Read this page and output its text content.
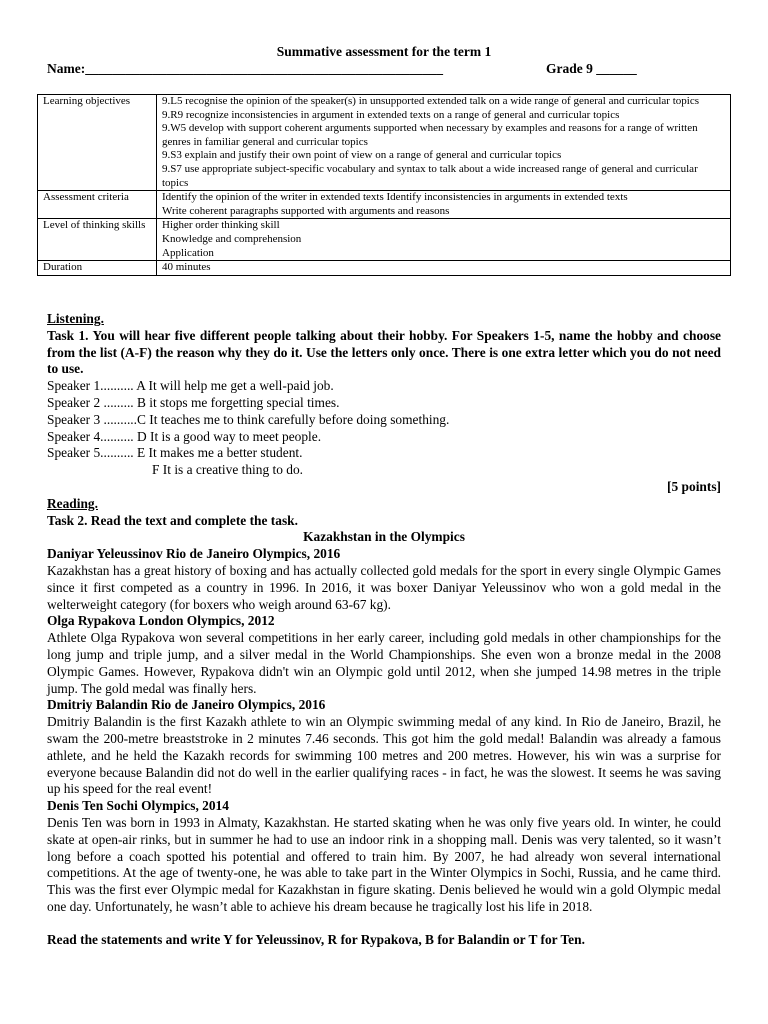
Summative assessment for the term 1
Name:_____________________________________________________	Grade 9 ______
Learning objectives	9.L5 recognise the opinion of the speaker(s) in unsupported extended talk on a wide range of general and curricular topics
9.R9 recognize inconsistencies in argument in extended texts on a range of general and curricular topics
9.W5 develop with support coherent arguments supported when necessary by examples and reasons for a range of written genres in familiar general and curricular topics
9.S3 explain and justify their own point of view on a range of general and curricular topics
9.S7 use appropriate subject-specific vocabulary and syntax to talk about a wide increased range of general and curricular topics

Assessment criteria	Identify the opinion of the writer in extended texts Identify inconsistencies in arguments in extended texts
Write coherent paragraphs supported with arguments and reasons

Level of thinking skills	Higher order thinking skill
Knowledge and comprehension
Application

Duration	40 minutes

Listening.

Task 1. You will hear five different people talking about their hobby. For Speakers 1-5, name the hobby and choose from the list (A-F) the reason why they do it. Use the letters only once. There is one extra letter which you do not need to use.

Speaker 1.......... A It will help me get a well-paid job.

Speaker 2 ......... B it stops me forgetting special times.

Speaker 3 ..........C It teaches me to think carefully before doing something.

Speaker 4.......... D It is a good way to meet people.

Speaker 5.......... E It makes me a better student.

F It is a creative thing to do.

[5 points]

Reading.

Task 2. Read the text and complete the task.

Kazakhstan in the Olympics

Daniyar Yeleussinov Rio de Janeiro Olympics, 2016

Kazakhstan has a great history of boxing and has actually collected gold medals for the sport in every single Olympic Games since it first competed as a country in 1996. In 2016, it was boxer Daniyar Yeleussinov who won a gold medal in the welterweight category (for boxers who weigh around 63-67 kg).

Olga Rypakova London Olympics, 2012

Athlete Olga Rypakova won several competitions in her early career, including gold medals in other championships for the long jump and triple jump, and a silver medal in the World Championships. She even won a bronze medal in the 2008 Olympic Games. However, Rypakova didn't win an Olympic gold until 2012, when she jumped 14.98 metres in the triple jump. The gold medal was finally hers.

Dmitriy Balandin Rio de Janeiro Olympics, 2016

Dmitriy Balandin is the first Kazakh athlete to win an Olympic swimming medal of any kind. In Rio de Janeiro, Brazil, he swam the 200-metre breaststroke in 2 minutes 7.46 seconds. This got him the gold medal! Balandin was already a famous athlete, and he held the Kazakh records for swimming 100 metres and 200 metres. However, his win was a surprise for everyone because Balandin did not do well in the earlier qualifying races - in fact, he was the slowest. It seems he was saving up his speed for the real event!

Denis Ten Sochi Olympics, 2014

Denis Ten was born in 1993 in Almaty, Kazakhstan. He started skating when he was only five years old. In winter, he could skate at open-air rinks, but in summer he had to use an indoor rink in a shopping mall. Denis was very talented, so it wasn’t long before a coach spotted his potential and offered to train him. By 2007, he had already won several international competitions. At the age of twenty-one, he was able to take part in the Winter Olympics in Sochi, Russia, and he came third. This was the first ever Olympic medal for Kazakhstan in figure skating. Denis believed he would win a gold Olympic medal one day. Unfortunately, he wasn’t able to achieve his dream because he tragically lost his life in 2018.

Read the statements and write Y for Yeleussinov, R for Rypakova, B for Balandin or T for Ten.
